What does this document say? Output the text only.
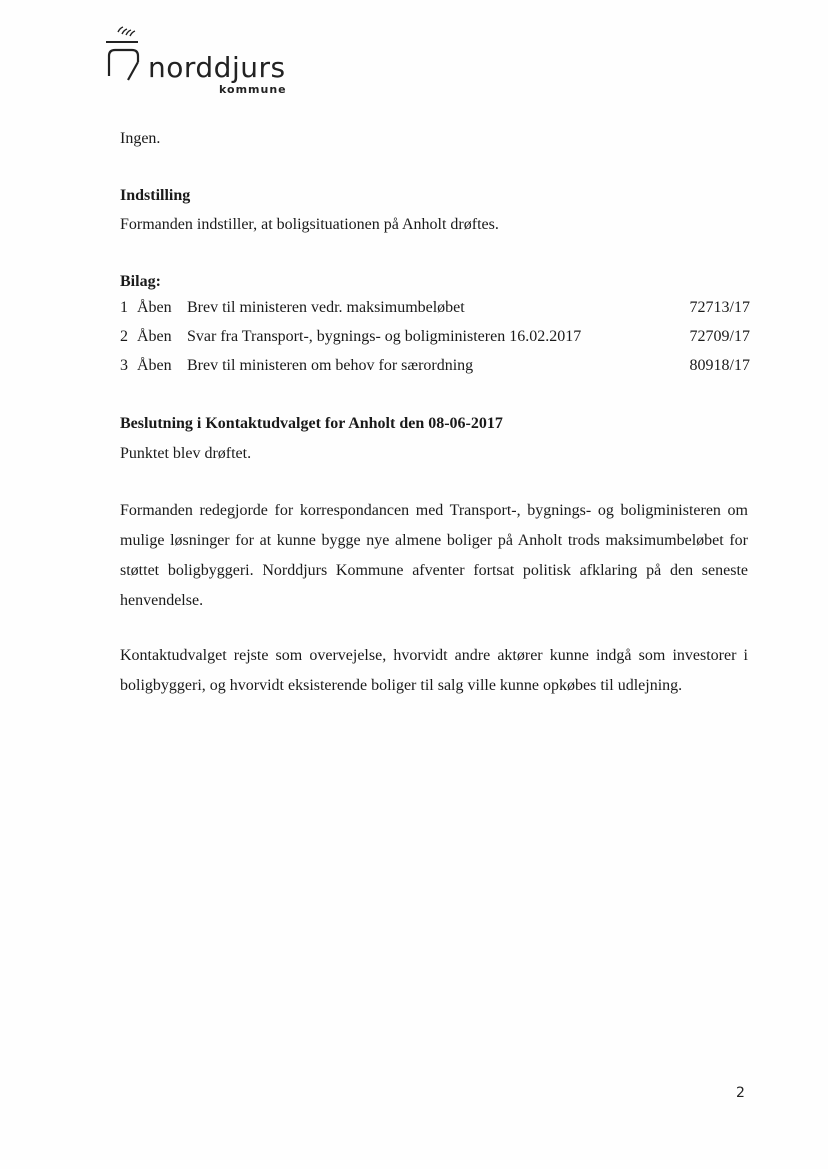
norddjurs
kommune
Ingen.
Indstilling
Formanden indstiller, at boligsituationen på Anholt drøftes.
Bilag:
1 Åben Brev til ministeren vedr. maksimumbeløbet	72713/17
2 Åben Svar fra Transport-, bygnings- og boligministeren 16.02.2017	72709/17
3 Åben Brev til ministeren om behov for særordning	80918/17
Beslutning i Kontaktudvalget for Anholt den 08-06-2017
Punktet blev drøftet.
Formanden redegjorde for korrespondancen med Transport-, bygnings- og boligministeren om mulige løsninger for at kunne bygge nye almene boliger på Anholt trods maksimumbeløbet for støttet boligbyggeri. Norddjurs Kommune afventer fortsat politisk afklaring på den seneste henvendelse.
Kontaktudvalget rejste som overvejelse, hvorvidt andre aktører kunne indgå som investorer i boligbyggeri, og hvorvidt eksisterende boliger til salg ville kunne opkøbes til udlejning.
2
